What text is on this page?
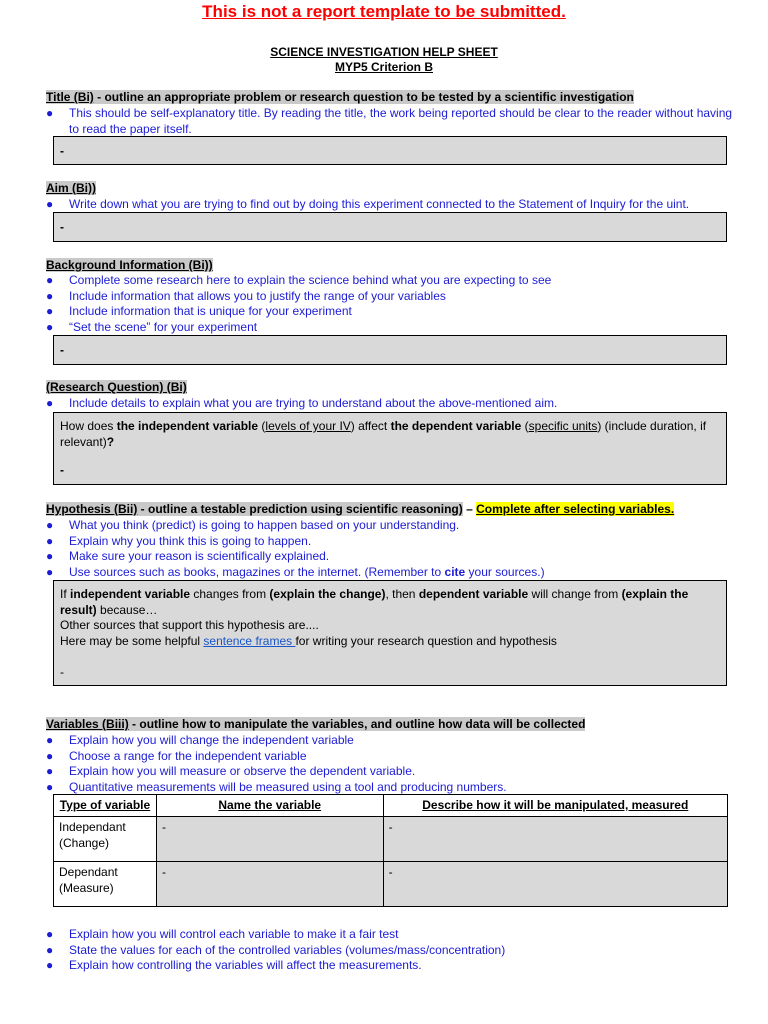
This is not a report template to be submitted.
SCIENCE INVESTIGATION HELP SHEET
MYP5 Criterion B
Title (Bi) - outline an appropriate problem or research question to be tested by a scientific investigation
● This should be self-explanatory title. By reading the title, the work being reported should be clear to the reader without having to read the paper itself.
-
Aim (Bi))
● Write down what you are trying to find out by doing this experiment connected to the Statement of Inquiry for the uint.
-
Background Information (Bi))
● Complete some research here to explain the science behind what you are expecting to see
● Include information that allows you to justify the range of your variables
● Include information that is unique for your experiment
● “Set the scene” for your experiment
-
(Research Question) (Bi)
● Include details to explain what you are trying to understand about the above-mentioned aim.
How does the independent variable (levels of your IV) affect the dependent variable (specific units) (include duration, if relevant)?
-
Hypothesis (Bii) - outline a testable prediction using scientific reasoning) – Complete after selecting variables.
● What you think (predict) is going to happen based on your understanding.
● Explain why you think this is going to happen.
● Make sure your reason is scientifically explained.
● Use sources such as books, magazines or the internet. (Remember to cite your sources.)
If independent variable changes from (explain the change), then dependent variable will change from (explain the result) because…
Other sources that support this hypothesis are....
Here may be some helpful sentence frames for writing your research question and hypothesis
-
Variables (Biii) - outline how to manipulate the variables, and outline how data will be collected
● Explain how you will change the independent variable
● Choose a range for the independent variable
● Explain how you will measure or observe the dependent variable.
● Quantitative measurements will be measured using a tool and producing numbers.
Type of variable	Name the variable	Describe how it will be manipulated, measured
Independant (Change)	-	-
Dependant (Measure)	-	-
● Explain how you will control each variable to make it a fair test
● State the values for each of the controlled variables (volumes/mass/concentration)
● Explain how controlling the variables will affect the measurements.
